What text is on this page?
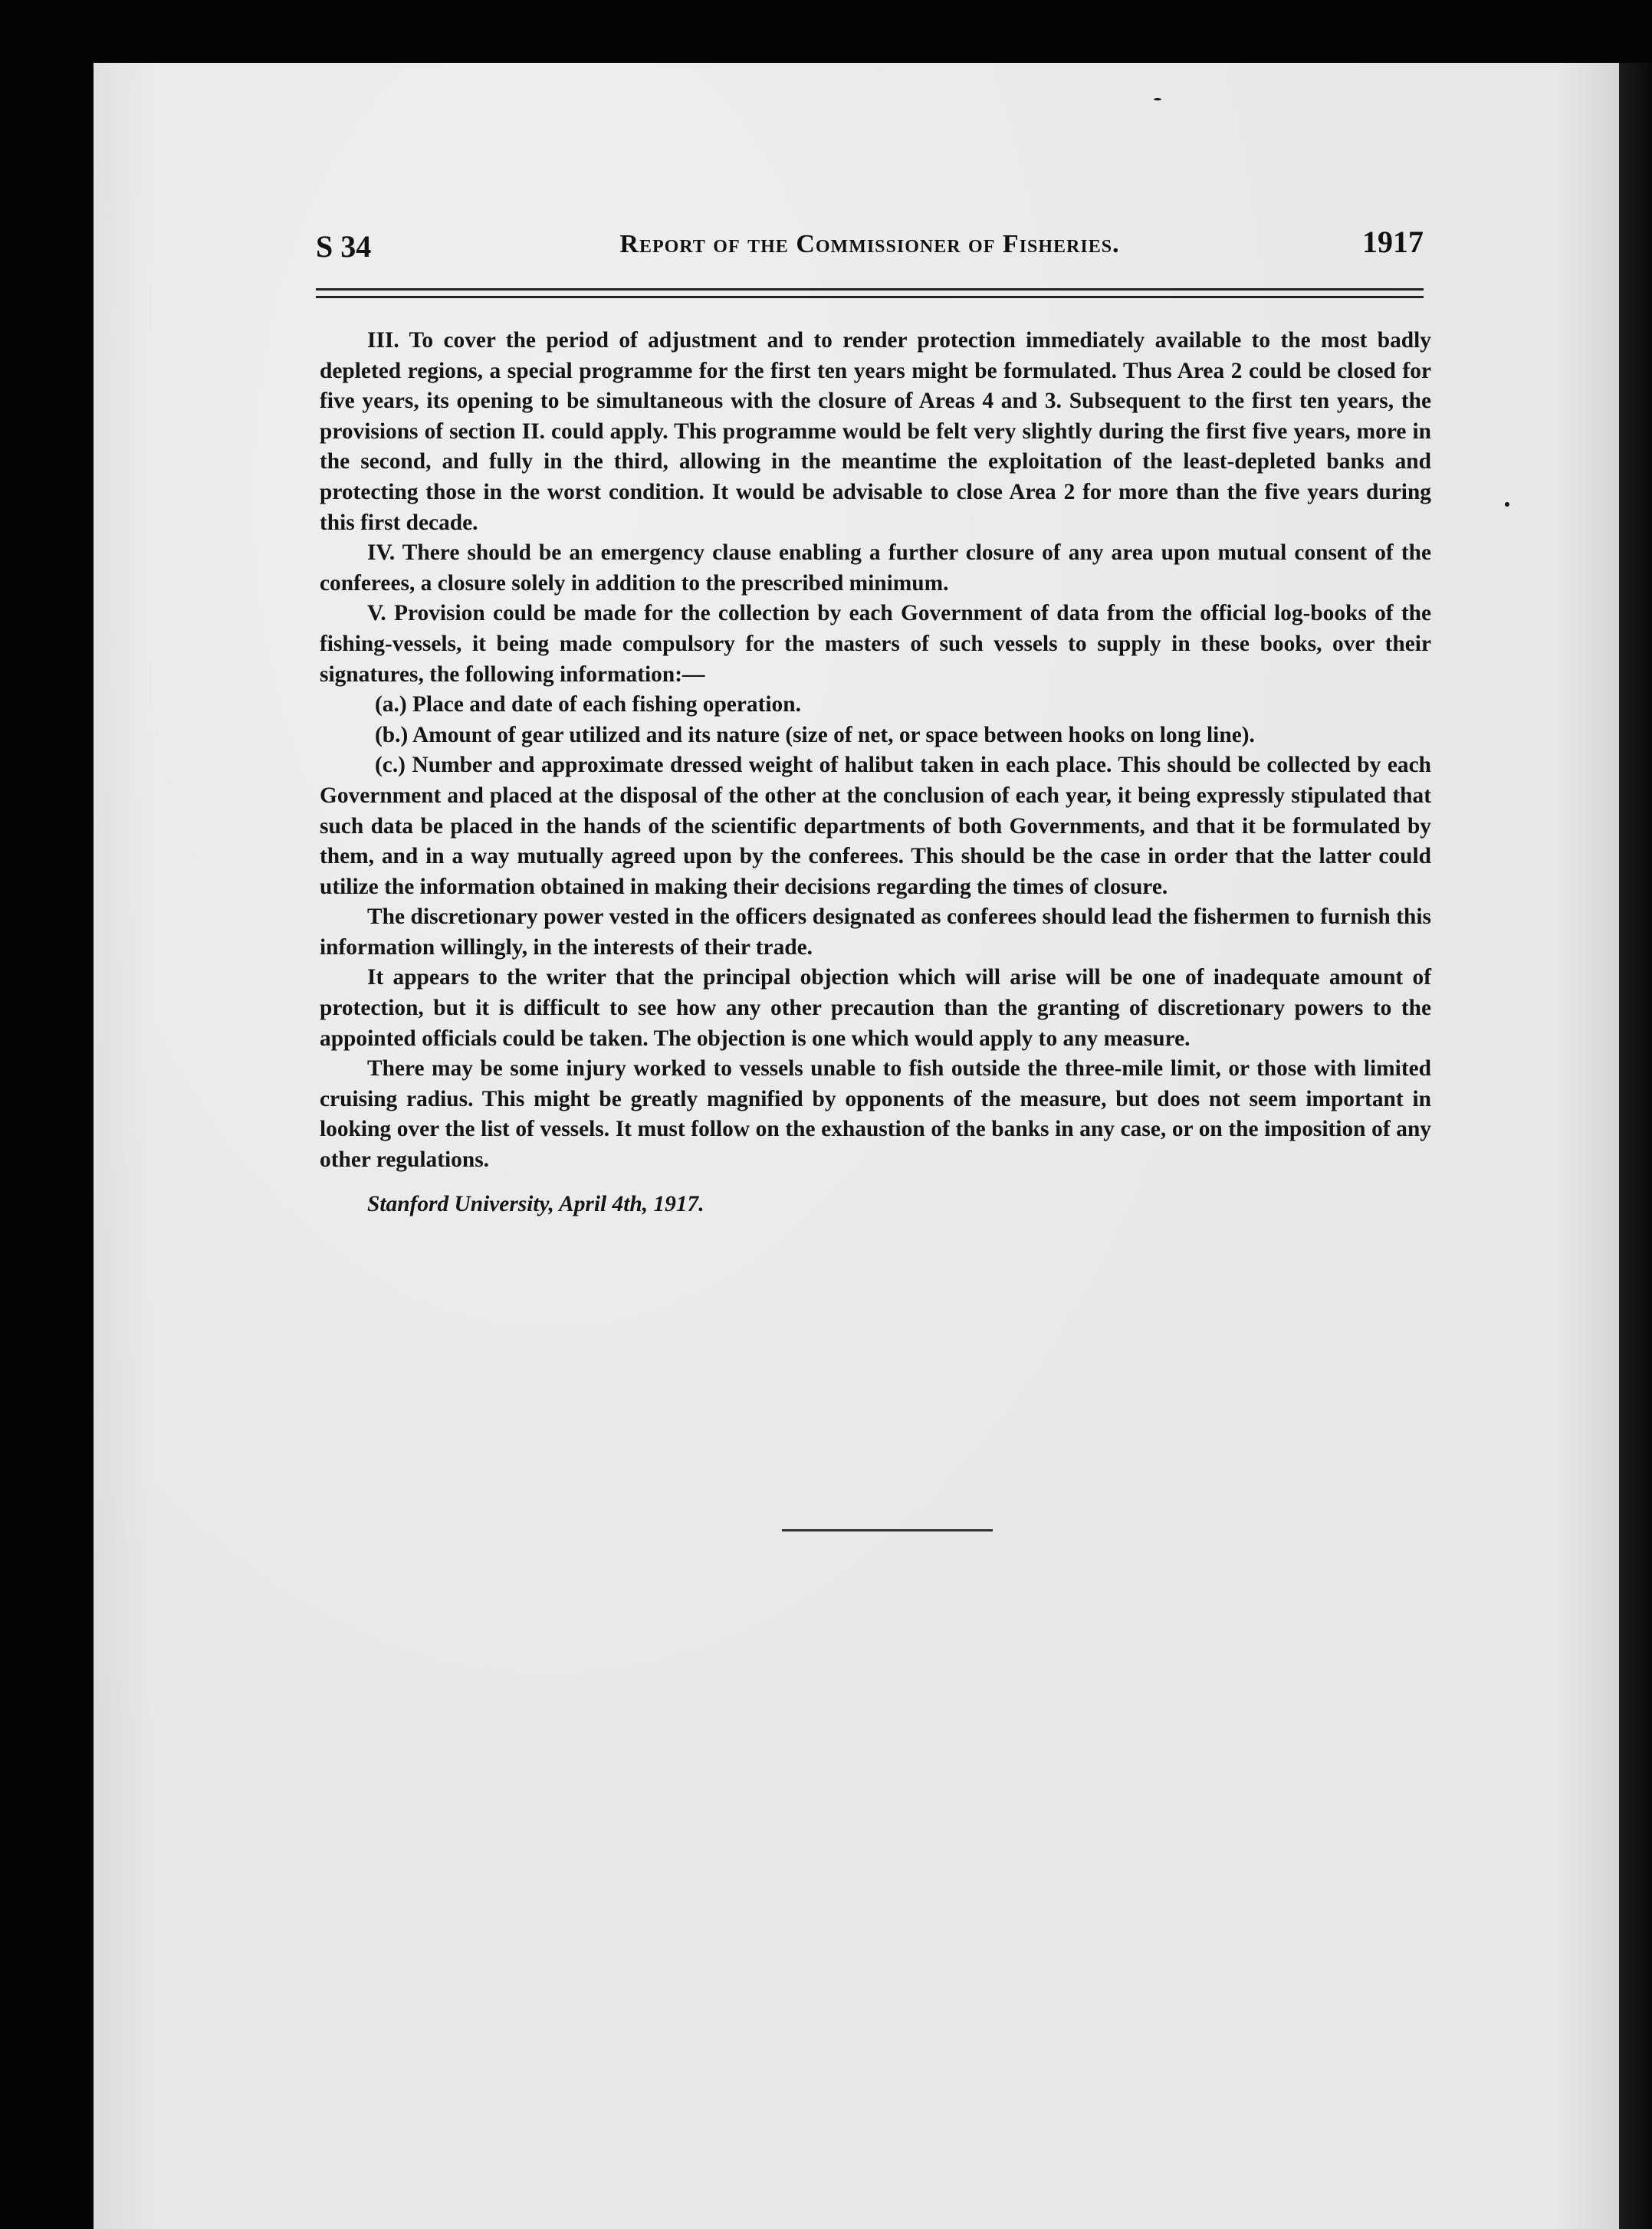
S 34	Report of the Commissioner of Fisheries.	1917

III. To cover the period of adjustment and to render protection immediately available to the most badly depleted regions, a special programme for the first ten years might be formulated. Thus Area 2 could be closed for five years, its opening to be simultaneous with the closure of Areas 4 and 3. Subsequent to the first ten years, the provisions of section II. could apply. This programme would be felt very slightly during the first five years, more in the second, and fully in the third, allowing in the meantime the exploitation of the least-depleted banks and protecting those in the worst condition. It would be advisable to close Area 2 for more than the five years during this first decade.

IV. There should be an emergency clause enabling a further closure of any area upon mutual consent of the conferees, a closure solely in addition to the prescribed minimum.

V. Provision could be made for the collection by each Government of data from the official log-books of the fishing-vessels, it being made compulsory for the masters of such vessels to supply in these books, over their signatures, the following information:—

(a.) Place and date of each fishing operation.

(b.) Amount of gear utilized and its nature (size of net, or space between hooks on long line).

(c.) Number and approximate dressed weight of halibut taken in each place. This should be collected by each Government and placed at the disposal of the other at the conclusion of each year, it being expressly stipulated that such data be placed in the hands of the scientific departments of both Governments, and that it be formulated by them, and in a way mutually agreed upon by the conferees. This should be the case in order that the latter could utilize the information obtained in making their decisions regarding the times of closure.

The discretionary power vested in the officers designated as conferees should lead the fishermen to furnish this information willingly, in the interests of their trade.

It appears to the writer that the principal objection which will arise will be one of inadequate amount of protection, but it is difficult to see how any other precaution than the granting of discretionary powers to the appointed officials could be taken. The objection is one which would apply to any measure.

There may be some injury worked to vessels unable to fish outside the three-mile limit, or those with limited cruising radius. This might be greatly magnified by opponents of the measure, but does not seem important in looking over the list of vessels. It must follow on the exhaustion of the banks in any case, or on the imposition of any other regulations.

Stanford University, April 4th, 1917.
